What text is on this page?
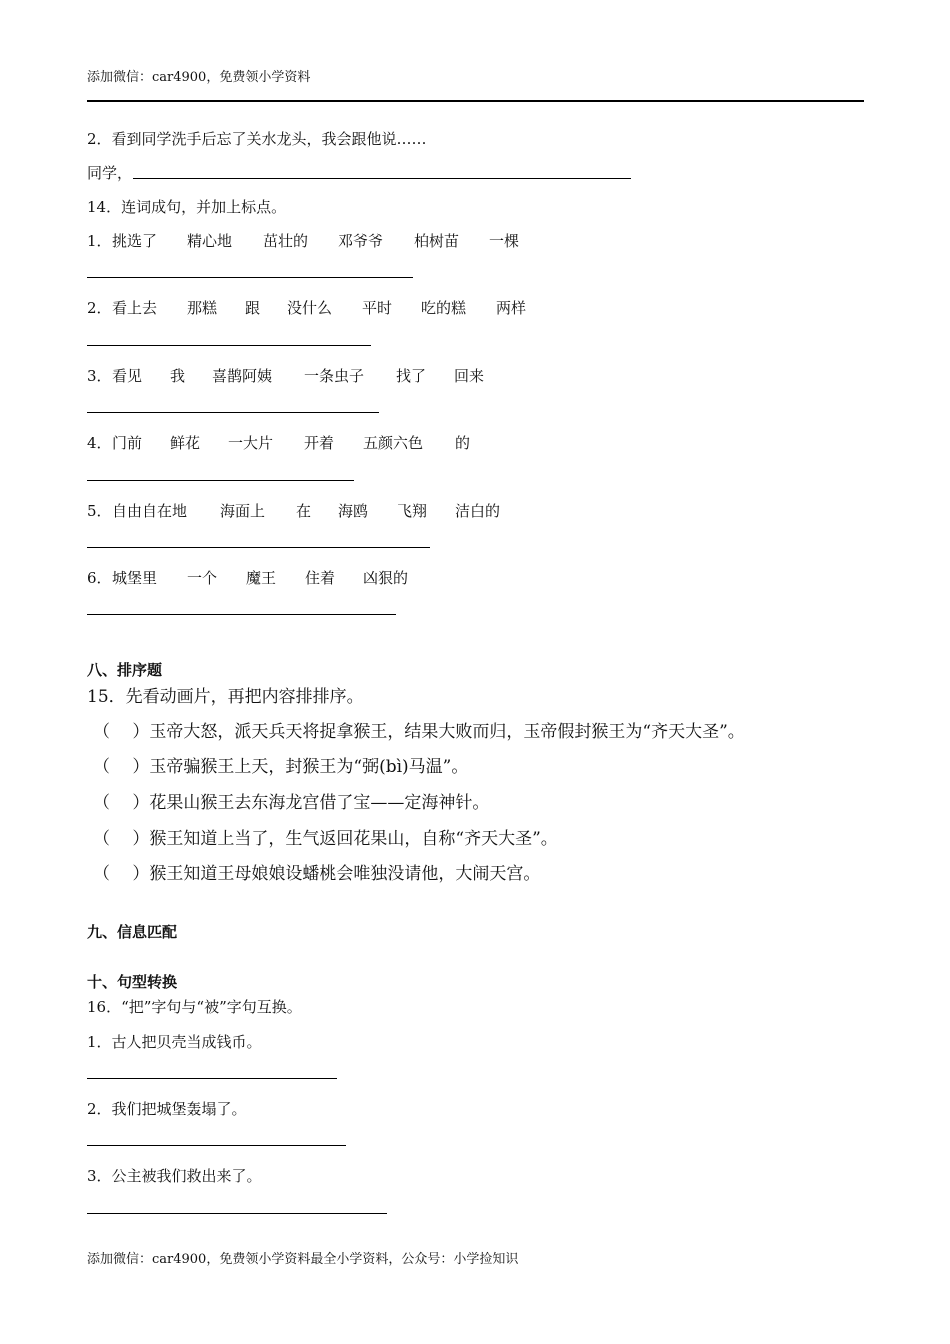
添加微信：car4900，免费领小学资料
2．看到同学洗手后忘了关水龙头，我会跟他说……
同学，
14．连词成句，并加上标点。
1．挑选了 精心地 茁壮的 邓爷爷 柏树苗 一棵
2．看上去 那糕 跟 没什么 平时 吃的糕 两样
3．看见 我 喜鹊阿姨 一条虫子 找了 回来
4．门前 鲜花 一大片 开着 五颜六色 的
5．自由自在地 海面上 在 海鸥 飞翔 洁白的
6．城堡里 一个 魔王 住着 凶狠的
八、排序题
15．先看动画片，再把内容排排序。
（　 ）玉帝大怒，派天兵天将捉拿猴王，结果大败而归，玉帝假封猴王为“齐天大圣”。
（　 ）玉帝骗猴王上天，封猴王为“弼(bì)马温”。
（　 ）花果山猴王去东海龙宫借了宝——定海神针。
（　 ）猴王知道上当了，生气返回花果山，自称“齐天大圣”。
（　 ）猴王知道王母娘娘设蟠桃会唯独没请他，大闹天宫。
九、信息匹配
十、句型转换
16．“把”字句与“被”字句互换。
1．古人把贝壳当成钱币。
2．我们把城堡轰塌了。
3．公主被我们救出来了。
添加微信：car4900，免费领小学资料最全小学资料，公众号：小学捡知识
